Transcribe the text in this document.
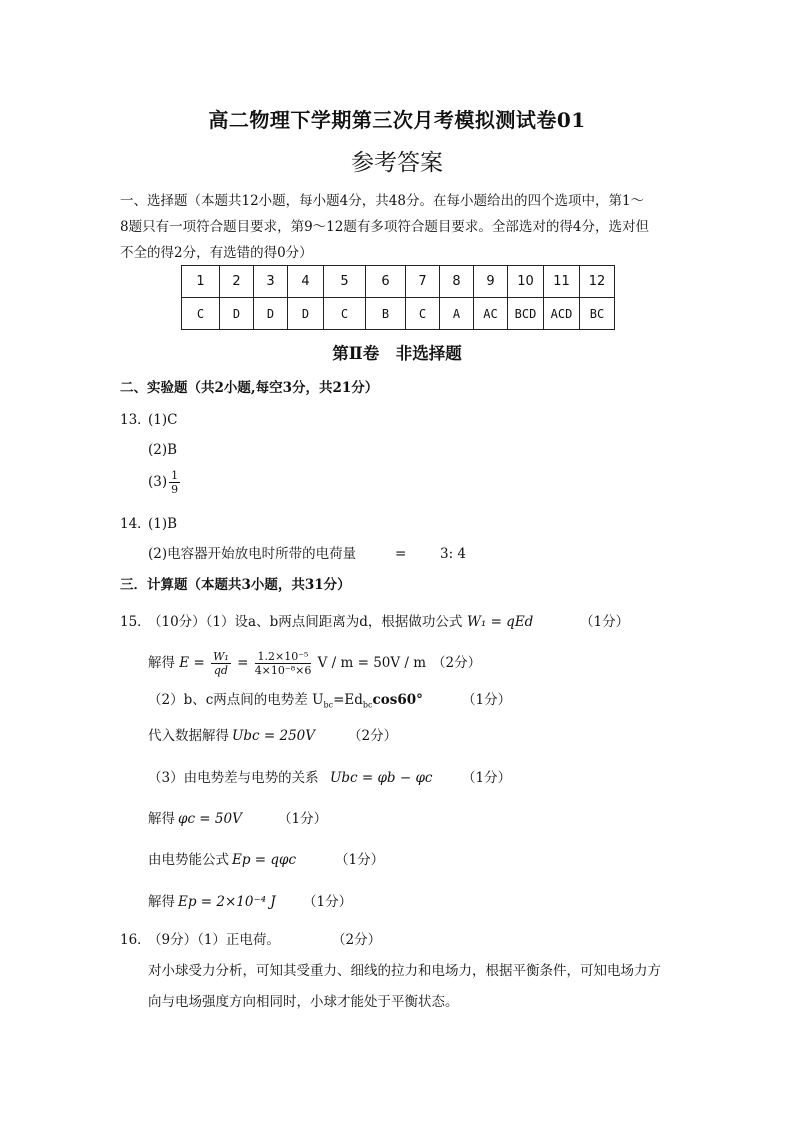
高二物理下学期第三次月考模拟测试卷01
参考答案
一、选择题（本题共12小题，每小题4分，共48分。在每小题给出的四个选项中，第1～
8题只有一项符合题目要求，第9～12题有多项符合题目要求。全部选对的得4分，选对但
不全的得2分，有选错的得0分）
1	2	3	4	5	6	7	8	9	10	11	12
C	D	D	D	C	B	C	A	AC	BCD	ACD	BC
第Ⅱ卷　非选择题
二、实验题（共2小题,每空3分，共21分）
13．
(1)C
(2)B
$(3) \frac{1}{9}$
14．
(1)B
(2)电容器开始放电时所带的电荷量	= 3: 4
三．计算题（本题共3小题，共31分）
15．
（10分）（1）设a、b两点间距离为d，根据做功公式 W₁ = qEd	（1分）
解得 $E = \frac{\text{W₁}}{qd} = \frac{\text{1.2×10⁻⁵}}{\text{4×10⁻⁸×6}}$ V / m = 50V / m （2分）
（2）b、c两点间的电势差 $U_{bc}=Ed_{bc}\cos 60^\circ$	（1分）
代入数据解得 Ubc = 250V （2分）
（3）由电势差与电势的关系 Ubc = φb − φc （1分）
解得 φc = 50V	（1分）
由电势能公式 Ep = qφc	（1分）
解得 Ep = 2×10⁻⁴ J （1分）
16．
（9分）（1）正电荷。	（2分）
对小球受力分析，可知其受重力、细线的拉力和电场力，根据平衡条件，可知电场力方
向与电场强度方向相同时，小球才能处于平衡状态。
